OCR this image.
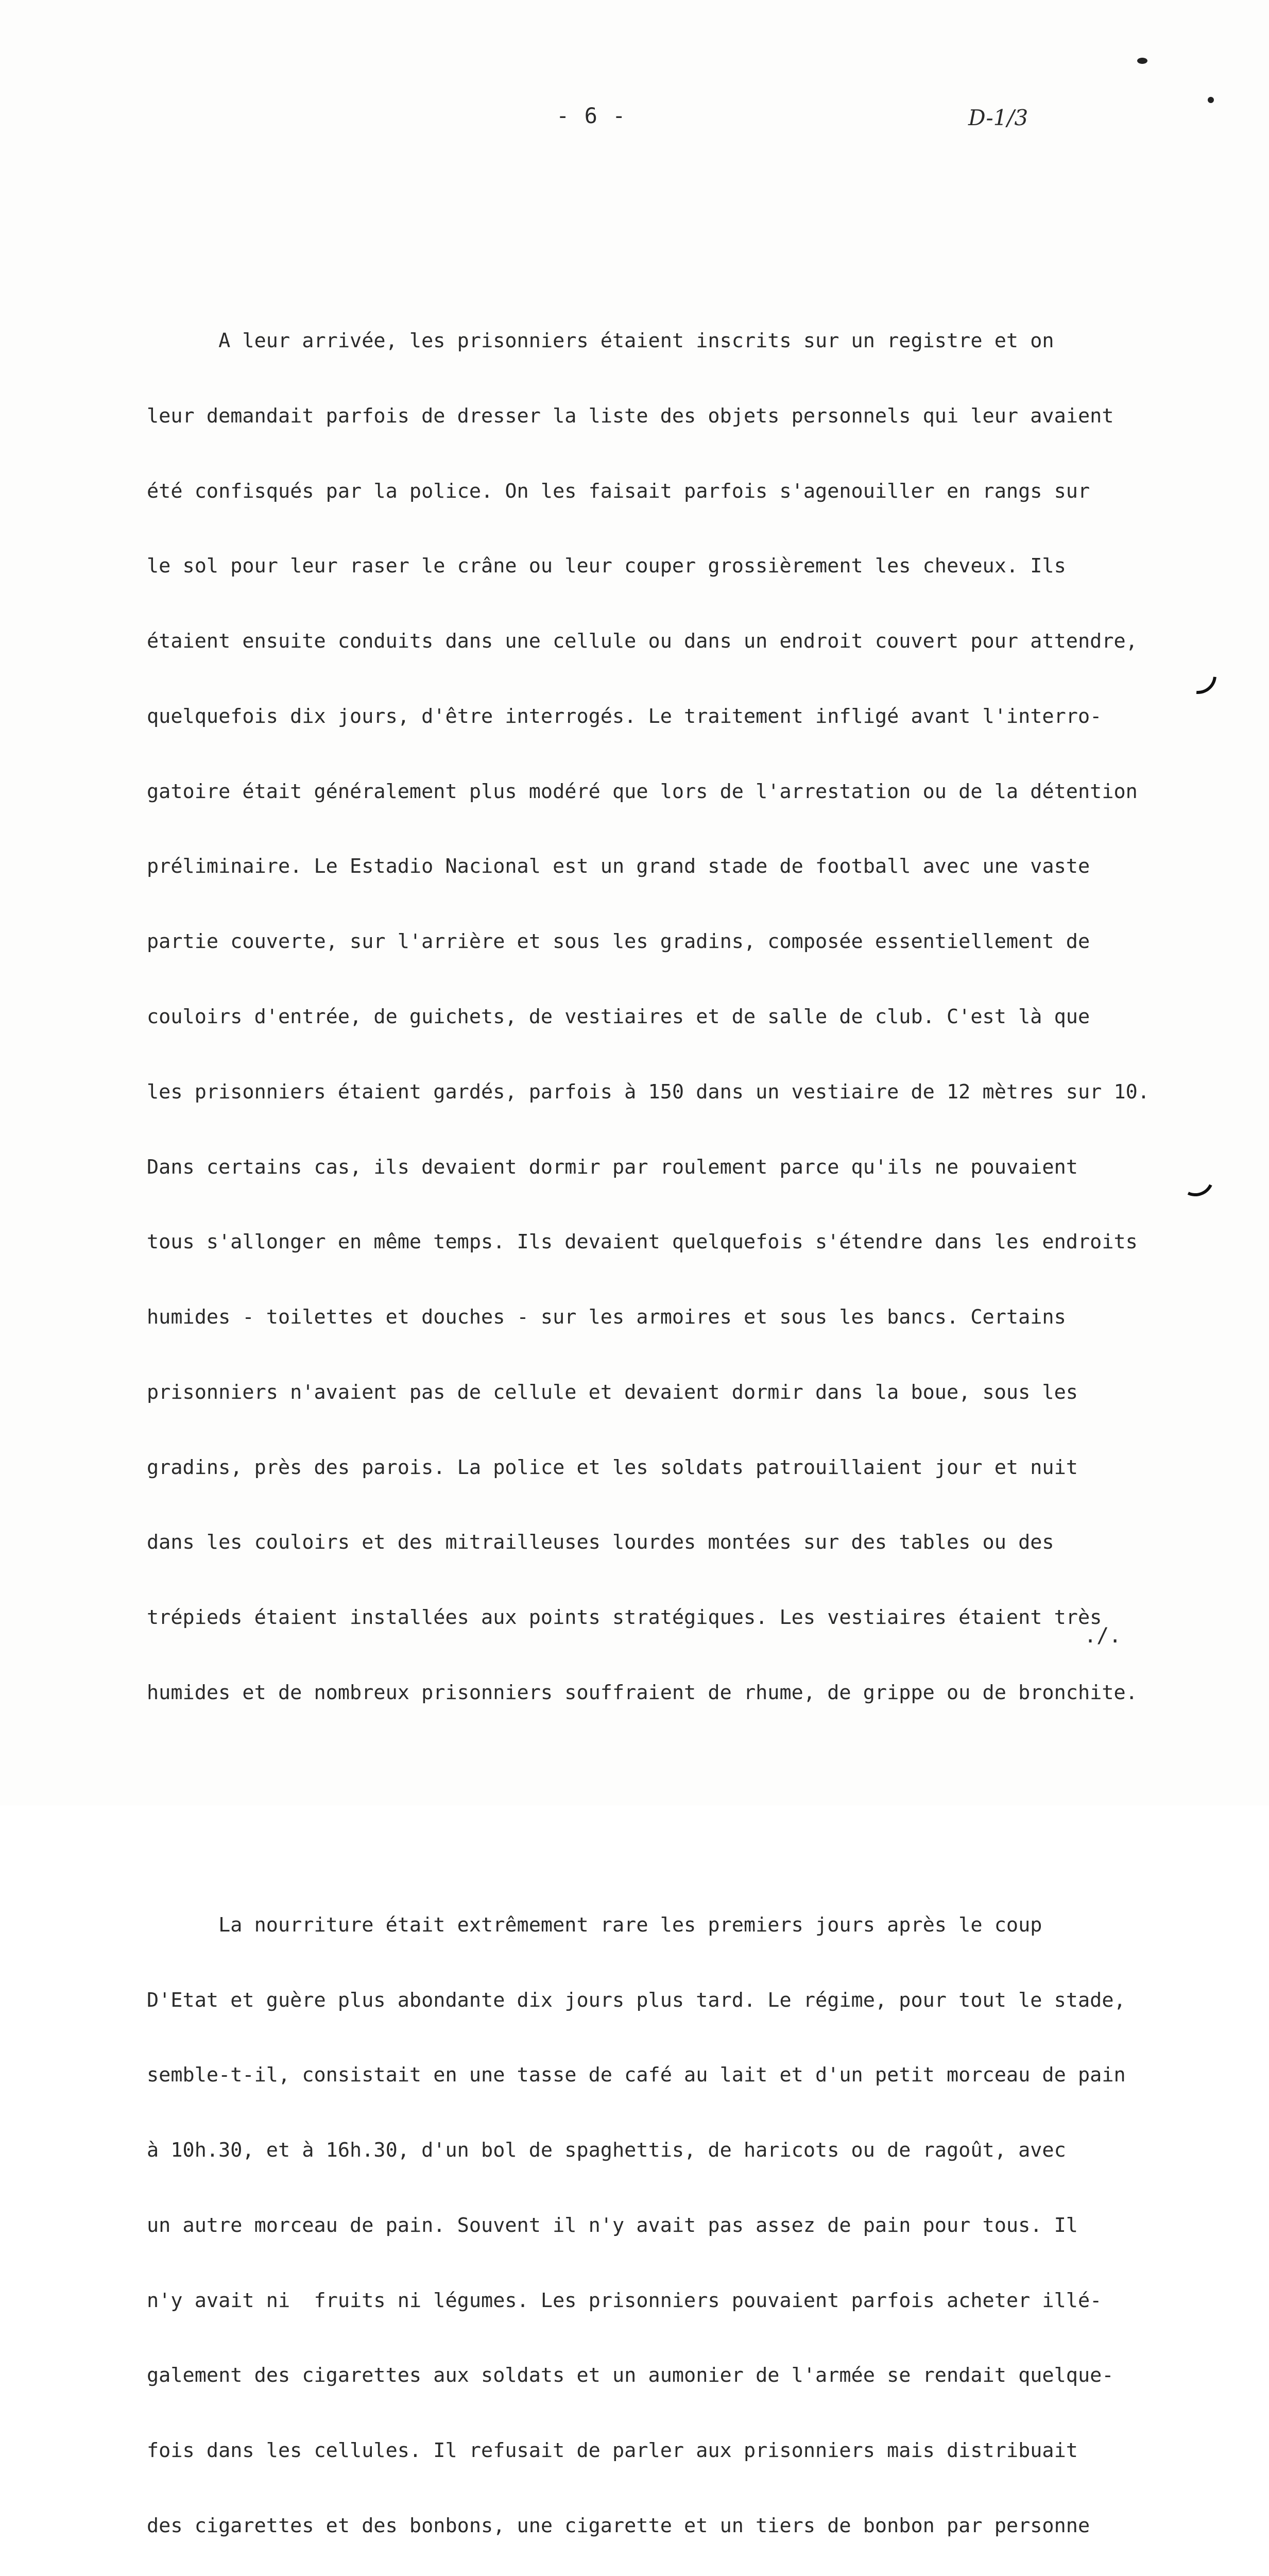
- 6 -	D-1/3

A leur arrivée, les prisonniers étaient inscrits sur un registre et on

leur demandait parfois de dresser la liste des objets personnels qui leur avaient

été confisqués par la police. On les faisait parfois s'agenouiller en rangs sur

le sol pour leur raser le crâne ou leur couper grossièrement les cheveux. Ils

étaient ensuite conduits dans une cellule ou dans un endroit couvert pour attendre,

quelquefois dix jours, d'être interrogés. Le traitement infligé avant l'interro-

gatoire était généralement plus modéré que lors de l'arrestation ou de la détention

préliminaire. Le Estadio Nacional est un grand stade de football avec une vaste

partie couverte, sur l'arrière et sous les gradins, composée essentiellement de

couloirs d'entrée, de guichets, de vestiaires et de salle de club. C'est là que

les prisonniers étaient gardés, parfois à 150 dans un vestiaire de 12 mètres sur 10.

Dans certains cas, ils devaient dormir par roulement parce qu'ils ne pouvaient

tous s'allonger en même temps. Ils devaient quelquefois s'étendre dans les endroits

humides - toilettes et douches - sur les armoires et sous les bancs. Certains

prisonniers n'avaient pas de cellule et devaient dormir dans la boue, sous les

gradins, près des parois. La police et les soldats patrouillaient jour et nuit

dans les couloirs et des mitrailleuses lourdes montées sur des tables ou des

trépieds étaient installées aux points stratégiques. Les vestiaires étaient très

humides et de nombreux prisonniers souffraient de rhume, de grippe ou de bronchite.

La nourriture était extrêmement rare les premiers jours après le coup

D'Etat et guère plus abondante dix jours plus tard. Le régime, pour tout le stade,

semble-t-il, consistait en une tasse de café au lait et d'un petit morceau de pain

à 10h.30, et à 16h.30, d'un bol de spaghettis, de haricots ou de ragoût, avec

un autre morceau de pain. Souvent il n'y avait pas assez de pain pour tous. Il

n'y avait ni  fruits ni légumes. Les prisonniers pouvaient parfois acheter illé-

galement des cigarettes aux soldats et un aumonier de l'armée se rendait quelque-

fois dans les cellules. Il refusait de parler aux prisonniers mais distribuait

des cigarettes et des bonbons, une cigarette et un tiers de bonbon par personne

./.
